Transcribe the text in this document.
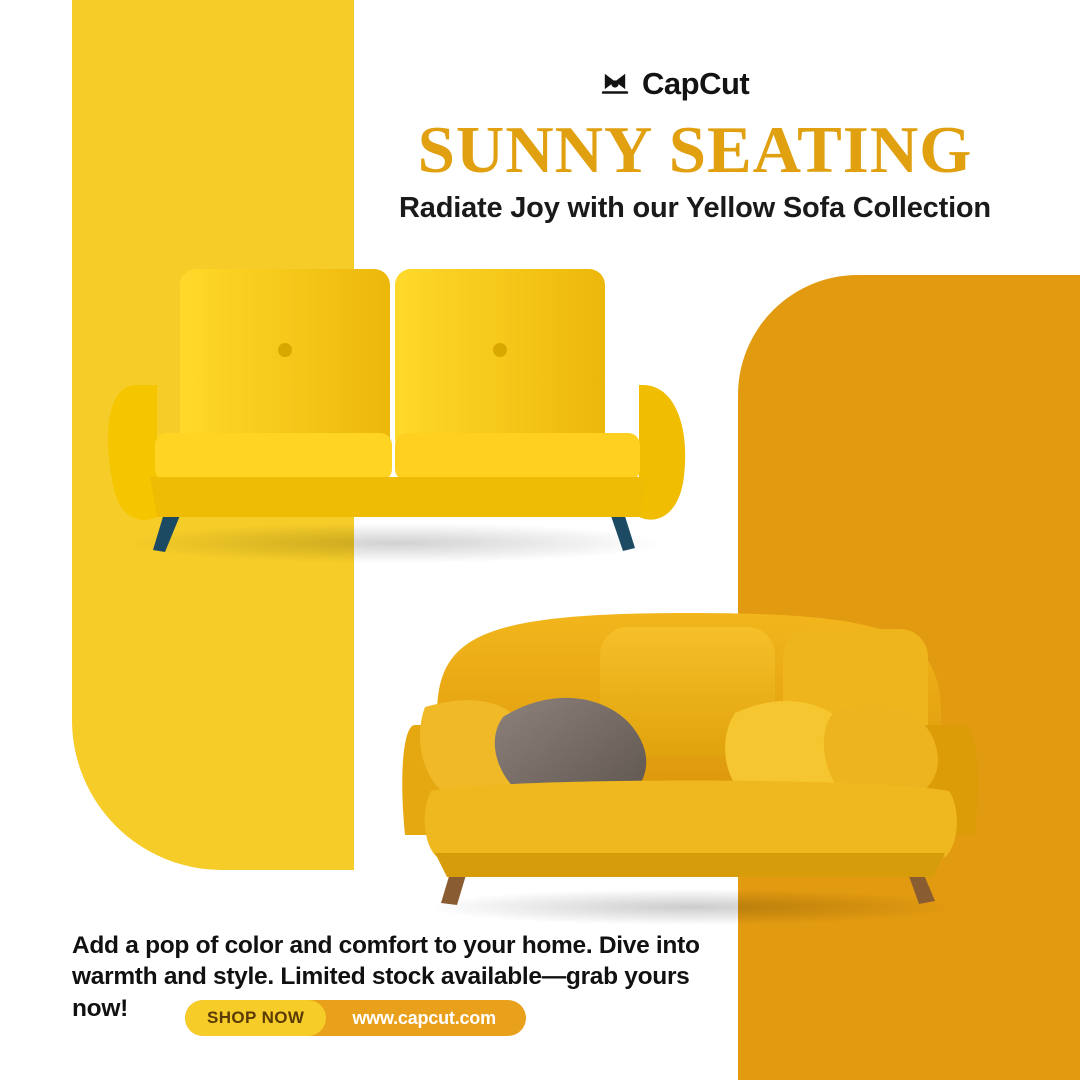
CapCut
SUNNY SEATING
Radiate Joy with our Yellow Sofa Collection
Add a pop of color and comfort to your home. Dive into warmth and style. Limited stock available—grab yours now!	SHOP NOW	www.capcut.com
